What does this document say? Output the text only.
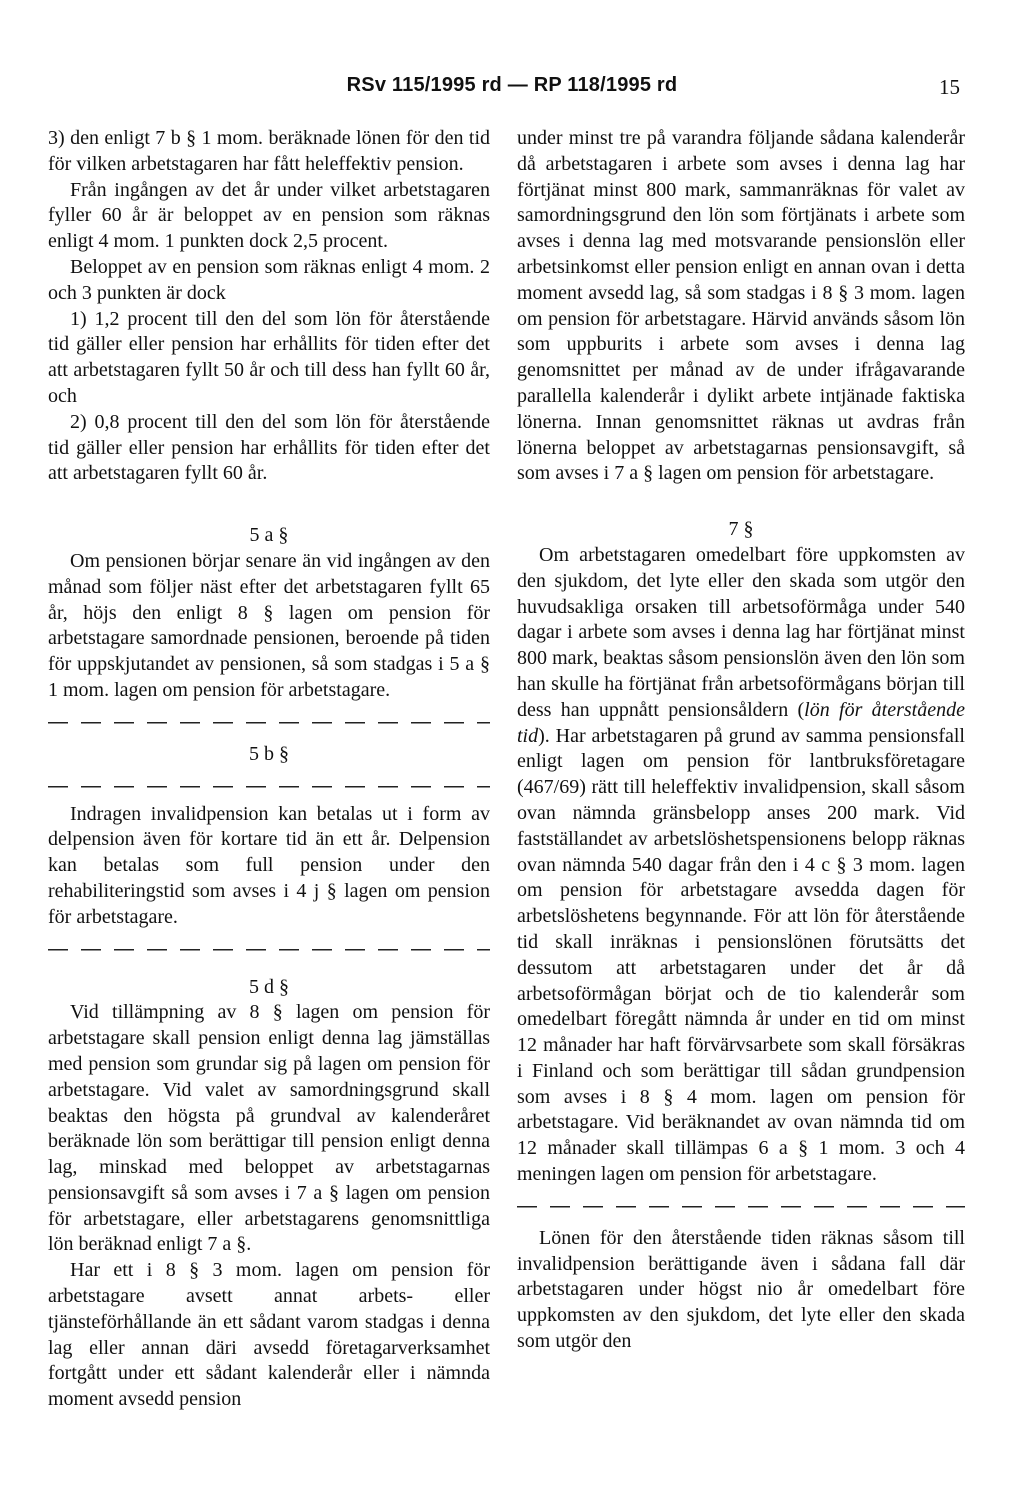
RSv 115/1995 rd — RP 118/1995 rd	15

3) den enligt 7 b § 1 mom. beräknade lönen för den tid för vilken arbetstagaren har fått heleffektiv pension.

Från ingången av det år under vilket arbetstagaren fyller 60 år är beloppet av en pension som räknas enligt 4 mom. 1 punkten dock 2,5 procent.

Beloppet av en pension som räknas enligt 4 mom. 2 och 3 punkten är dock

1) 1,2 procent till den del som lön för återstående tid gäller eller pension har erhållits för tiden efter det att arbetstagaren fyllt 50 år och till dess han fyllt 60 år, och

2) 0,8 procent till den del som lön för återstående tid gäller eller pension har erhållits för tiden efter det att arbetstagaren fyllt 60 år.

5 a §

Om pensionen börjar senare än vid ingången av den månad som följer näst efter det arbetstagaren fyllt 65 år, höjs den enligt 8 § lagen om pension för arbetstagare samordnade pensionen, beroende på tiden för uppskjutandet av pensionen, så som stadgas i 5 a § 1 mom. lagen om pension för arbetstagare.

5 b §

Indragen invalidpension kan betalas ut i form av delpension även för kortare tid än ett år. Delpension kan betalas som full pension under den rehabiliteringstid som avses i 4 j § lagen om pension för arbetstagare.

5 d §

Vid tillämpning av 8 § lagen om pension för arbetstagare skall pension enligt denna lag jämställas med pension som grundar sig på lagen om pension för arbetstagare. Vid valet av samordningsgrund skall beaktas den högsta på grundval av kalenderåret beräknade lön som berättigar till pension enligt denna lag, minskad med beloppet av arbetstagarnas pensionsavgift så som avses i 7 a § lagen om pension för arbetstagare, eller arbetstagarens genomsnittliga lön beräknad enligt 7 a §.

Har ett i 8 § 3 mom. lagen om pension för arbetstagare avsett annat arbets- eller tjänsteförhållande än ett sådant varom stadgas i denna lag eller annan däri avsedd företagarverksamhet fortgått under ett sådant kalenderår eller i nämnda moment avsedd pension

under minst tre på varandra följande sådana kalenderår då arbetstagaren i arbete som avses i denna lag har förtjänat minst 800 mark, sammanräknas för valet av samordningsgrund den lön som förtjänats i arbete som avses i denna lag med motsvarande pensionslön eller arbetsinkomst eller pension enligt en annan ovan i detta moment avsedd lag, så som stadgas i 8 § 3 mom. lagen om pension för arbetstagare. Härvid används såsom lön som uppburits i arbete som avses i denna lag genomsnittet per månad av de under ifrågavarande parallella kalenderår i dylikt arbete intjänade faktiska lönerna. Innan genomsnittet räknas ut avdras från lönerna beloppet av arbetstagarnas pensionsavgift, så som avses i 7 a § lagen om pension för arbetstagare.

7 §

Om arbetstagaren omedelbart före uppkomsten av den sjukdom, det lyte eller den skada som utgör den huvudsakliga orsaken till arbetsoförmåga under 540 dagar i arbete som avses i denna lag har förtjänat minst 800 mark, beaktas såsom pensionslön även den lön som han skulle ha förtjänat från arbetsoförmågans början till dess han uppnått pensionsåldern (lön för återstående tid). Har arbetstagaren på grund av samma pensionsfall enligt lagen om pension för lantbruksföretagare (467/69) rätt till heleffektiv invalidpension, skall såsom ovan nämnda gränsbelopp anses 200 mark. Vid fastställandet av arbetslöshetspensionens belopp räknas ovan nämnda 540 dagar från den i 4 c § 3 mom. lagen om pension för arbetstagare avsedda dagen för arbetslöshetens begynnande. För att lön för återstående tid skall inräknas i pensionslönen förutsätts det dessutom att arbetstagaren under det år då arbetsoförmågan börjat och de tio kalenderår som omedelbart föregått nämnda år under en tid om minst 12 månader har haft förvärvsarbete som skall försäkras i Finland och som berättigar till sådan grundpension som avses i 8 § 4 mom. lagen om pension för arbetstagare. Vid beräknandet av ovan nämnda tid om 12 månader skall tillämpas 6 a § 1 mom. 3 och 4 meningen lagen om pension för arbetstagare.

Lönen för den återstående tiden räknas såsom till invalidpension berättigande även i sådana fall där arbetstagaren under högst nio år omedelbart före uppkomsten av den sjukdom, det lyte eller den skada som utgör den
